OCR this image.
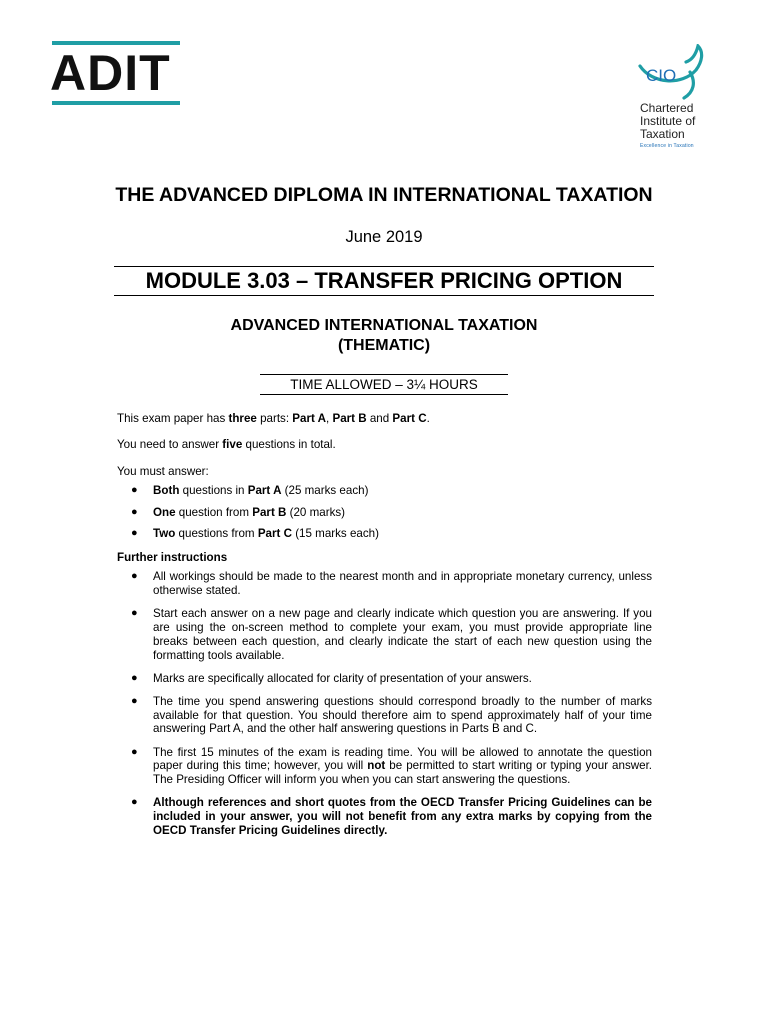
ADIT	CIO
Chartered
Institute of
Taxation
Excellence in Taxation
THE ADVANCED DIPLOMA IN INTERNATIONAL TAXATION
June 2019
MODULE 3.03 – TRANSFER PRICING OPTION
ADVANCED INTERNATIONAL TAXATION
(THEMATIC)
TIME ALLOWED – 3¼ HOURS

This exam paper has three parts: Part A, Part B and Part C.

You need to answer five questions in total.

You must answer:

● Both questions in Part A (25 marks each)
● One question from Part B (20 marks)
● Two questions from Part C (15 marks each)
Further instructions
● All workings should be made to the nearest month and in appropriate monetary currency, unless otherwise stated.
● Start each answer on a new page and clearly indicate which question you are answering. If you are using the on-screen method to complete your exam, you must provide appropriate line breaks between each question, and clearly indicate the start of each new question using the formatting tools available.
● Marks are specifically allocated for clarity of presentation of your answers.
● The time you spend answering questions should correspond broadly to the number of marks available for that question. You should therefore aim to spend approximately half of your time answering Part A, and the other half answering questions in Parts B and C.
● The first 15 minutes of the exam is reading time. You will be allowed to annotate the question paper during this time; however, you will not be permitted to start writing or typing your answer. The Presiding Officer will inform you when you can start answering the questions.
● Although references and short quotes from the OECD Transfer Pricing Guidelines can be included in your answer, you will not benefit from any extra marks by copying from the OECD Transfer Pricing Guidelines directly.
